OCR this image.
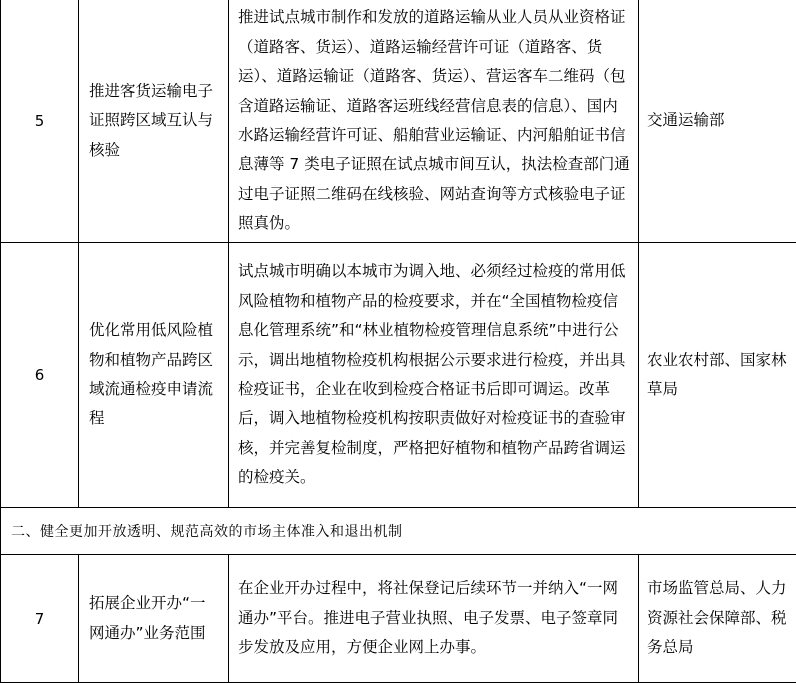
5	推进客货运输电子证照跨区域互认与核验	推进试点城市制作和发放的道路运输从业人员从业资格证（道路客、货运）、道路运输经营许可证（道路客、货运）、道路运输证（道路客、货运）、营运客车二维码（包含道路运输证、道路客运班线经营信息表的信息）、国内水路运输经营许可证、船舶营业运输证、内河船舶证书信息薄等 7 类电子证照在试点城市间互认，执法检查部门通过电子证照二维码在线核验、网站查询等方式核验电子证照真伪。	交通运输部
6	优化常用低风险植物和植物产品跨区域流通检疫申请流程	试点城市明确以本城市为调入地、必须经过检疫的常用低风险植物和植物产品的检疫要求，并在“全国植物检疫信息化管理系统”和“林业植物检疫管理信息系统”中进行公示，调出地植物检疫机构根据公示要求进行检疫，并出具检疫证书，企业在收到检疫合格证书后即可调运。改革后，调入地植物检疫机构按职责做好对检疫证书的查验审核，并完善复检制度，严格把好植物和植物产品跨省调运的检疫关。	农业农村部、国家林草局
二、健全更加开放透明、规范高效的市场主体准入和退出机制			
7	拓展企业开办“一网通办”业务范围	在企业开办过程中，将社保登记后续环节一并纳入“一网通办”平台。推进电子营业执照、电子发票、电子签章同步发放及应用，方便企业网上办事。	市场监管总局、人力资源社会保障部、税务总局
